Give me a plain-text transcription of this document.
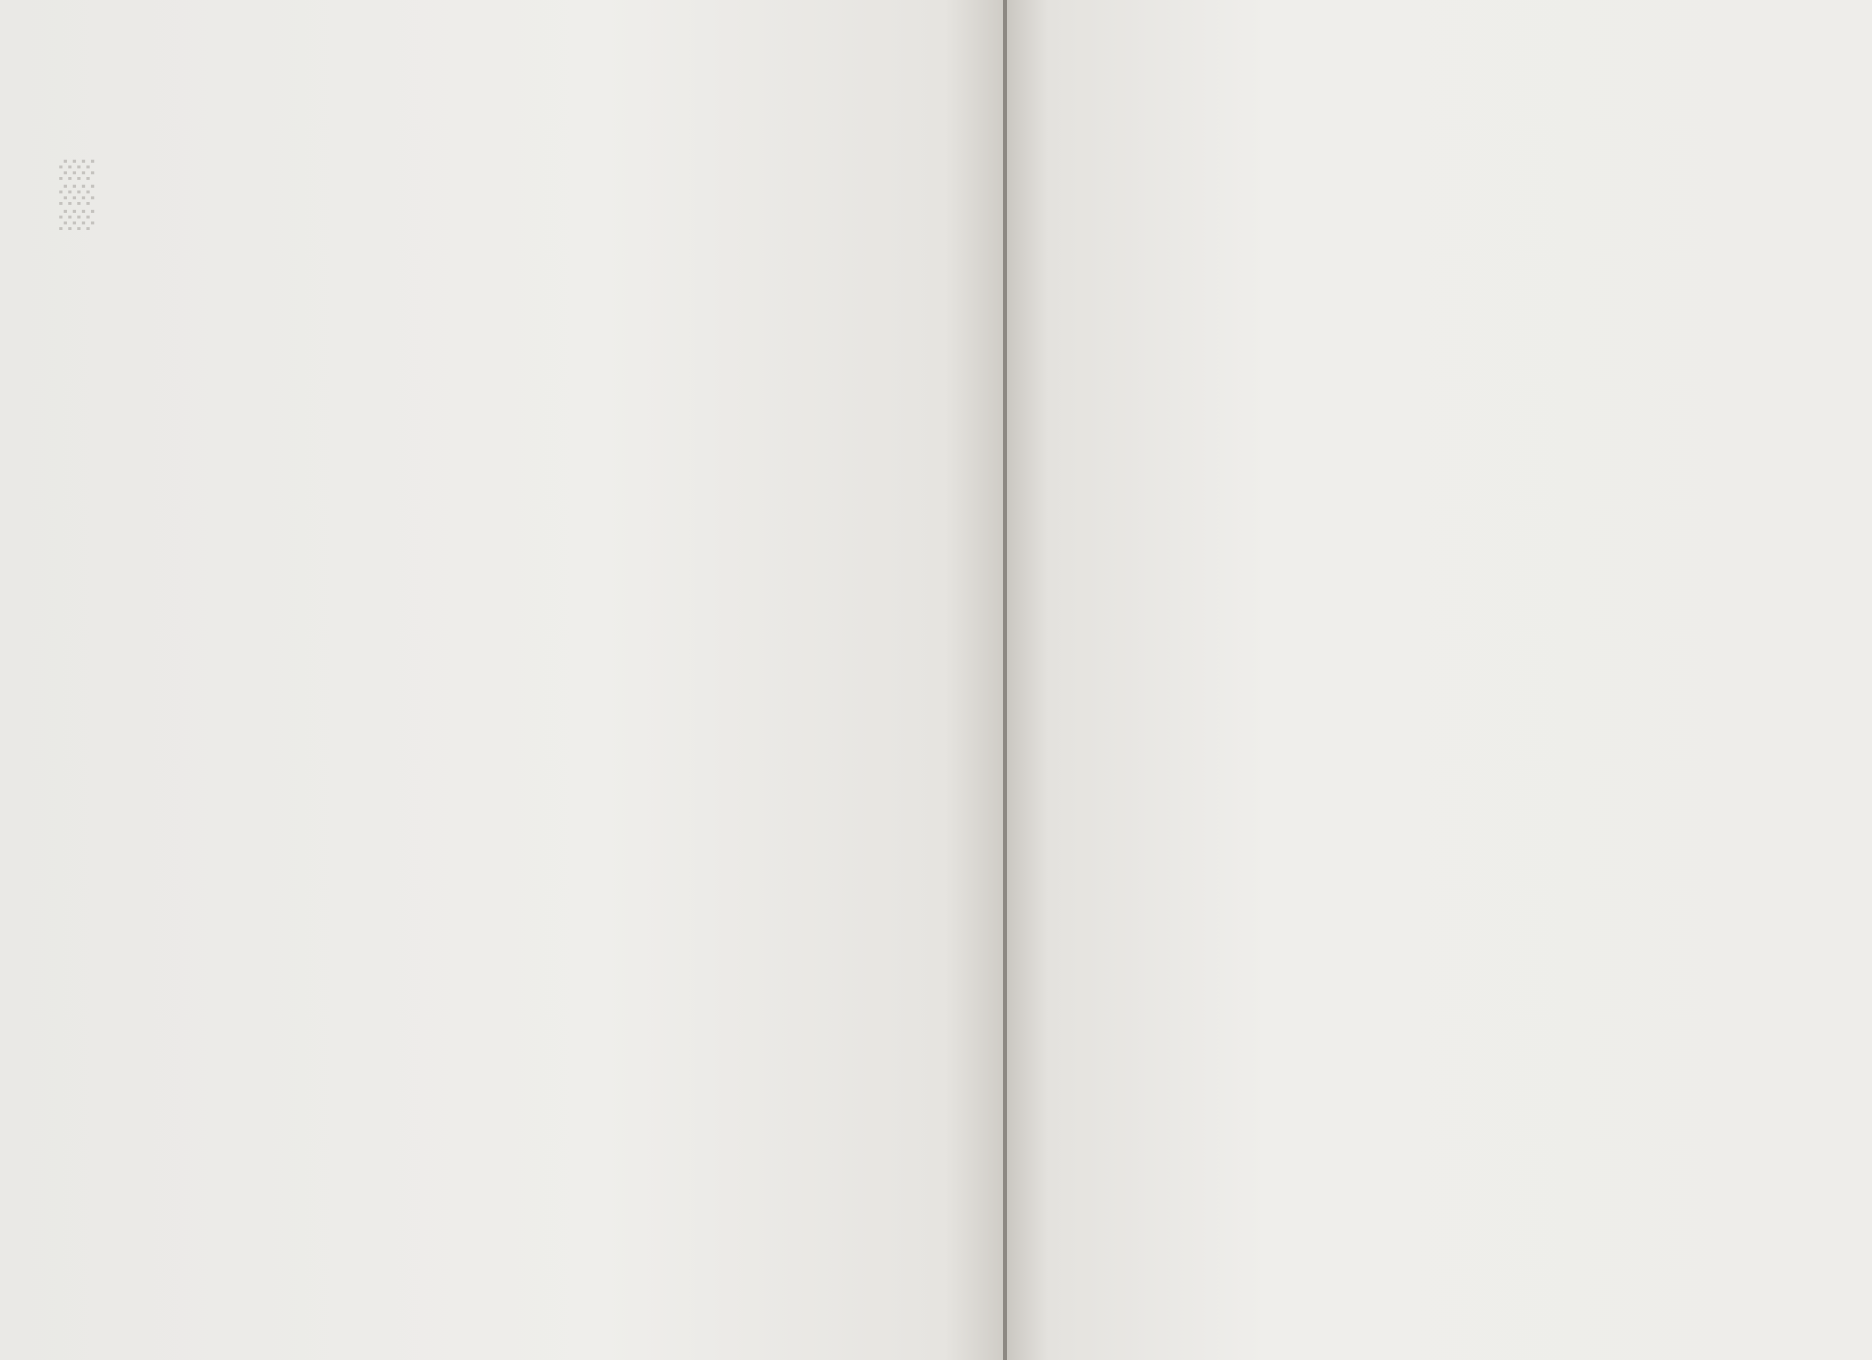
░░░
